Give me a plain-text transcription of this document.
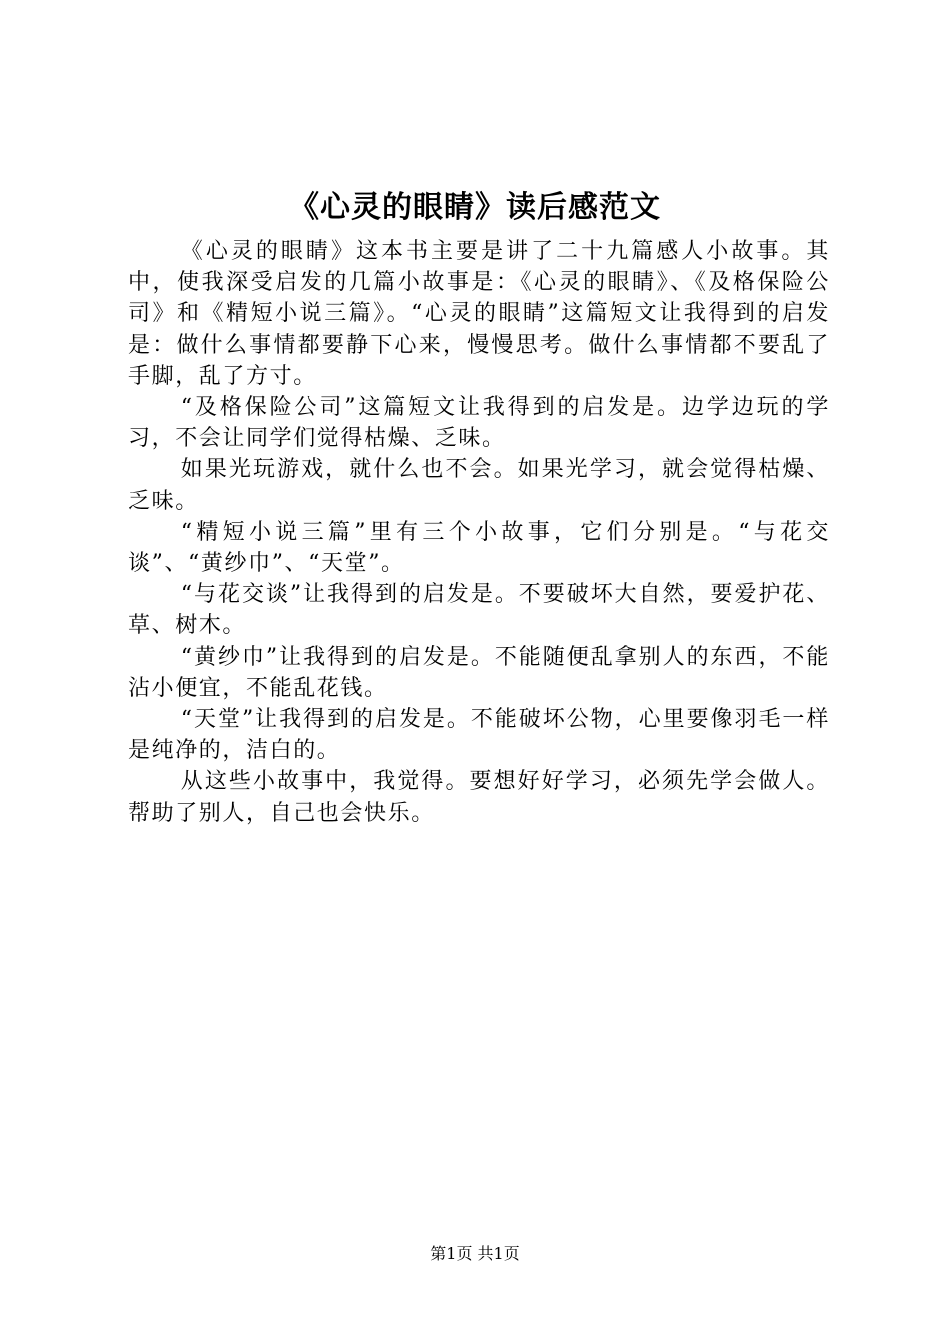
《心灵的眼睛》读后感范文

《心灵的眼睛》这本书主要是讲了二十九篇感人小故事。其中，使我深受启发的几篇小故事是：《心灵的眼睛》、《及格保险公司》和《精短小说三篇》。“心灵的眼睛”这篇短文让我得到的启发是：做什么事情都要静下心来，慢慢思考。做什么事情都不要乱了手脚，乱了方寸。

“及格保险公司”这篇短文让我得到的启发是。边学边玩的学习，不会让同学们觉得枯燥、乏味。

如果光玩游戏，就什么也不会。如果光学习，就会觉得枯燥、乏味。

“精短小说三篇”里有三个小故事，它们分别是。“与花交谈”、“黄纱巾”、“天堂”。

“与花交谈”让我得到的启发是。不要破坏大自然，要爱护花、草、树木。

“黄纱巾”让我得到的启发是。不能随便乱拿别人的东西，不能沾小便宜，不能乱花钱。

“天堂”让我得到的启发是。不能破坏公物，心里要像羽毛一样是纯净的，洁白的。

从这些小故事中，我觉得。要想好好学习，必须先学会做人。帮助了别人，自己也会快乐。

第1页 共1页
